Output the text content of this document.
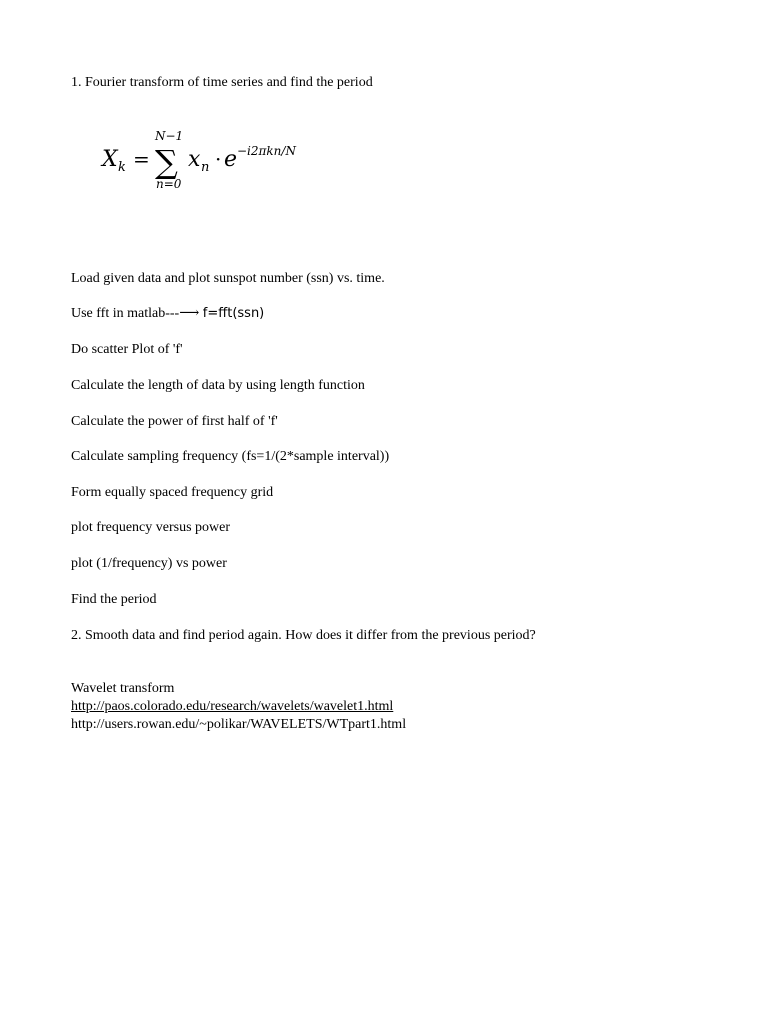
1. Fourier transform of time series and find the period
X k =
N−1
∑
n=0
x n · e −i2πkn/N
Load given data and plot sunspot number (ssn) vs. time.
Use fft in matlab---⟶ f=fft(ssn)
Do scatter Plot of 'f'
Calculate the length of data by using length function
Calculate the power of first half of 'f'
Calculate sampling frequency (fs=1/(2*sample interval))
Form equally spaced frequency grid
plot frequency versus power
plot (1/frequency) vs power
Find the period
2. Smooth data and find period again. How does it differ from the previous period?
Wavelet transform
http://paos.colorado.edu/research/wavelets/wavelet1.html
http://users.rowan.edu/~polikar/WAVELETS/WTpart1.html
